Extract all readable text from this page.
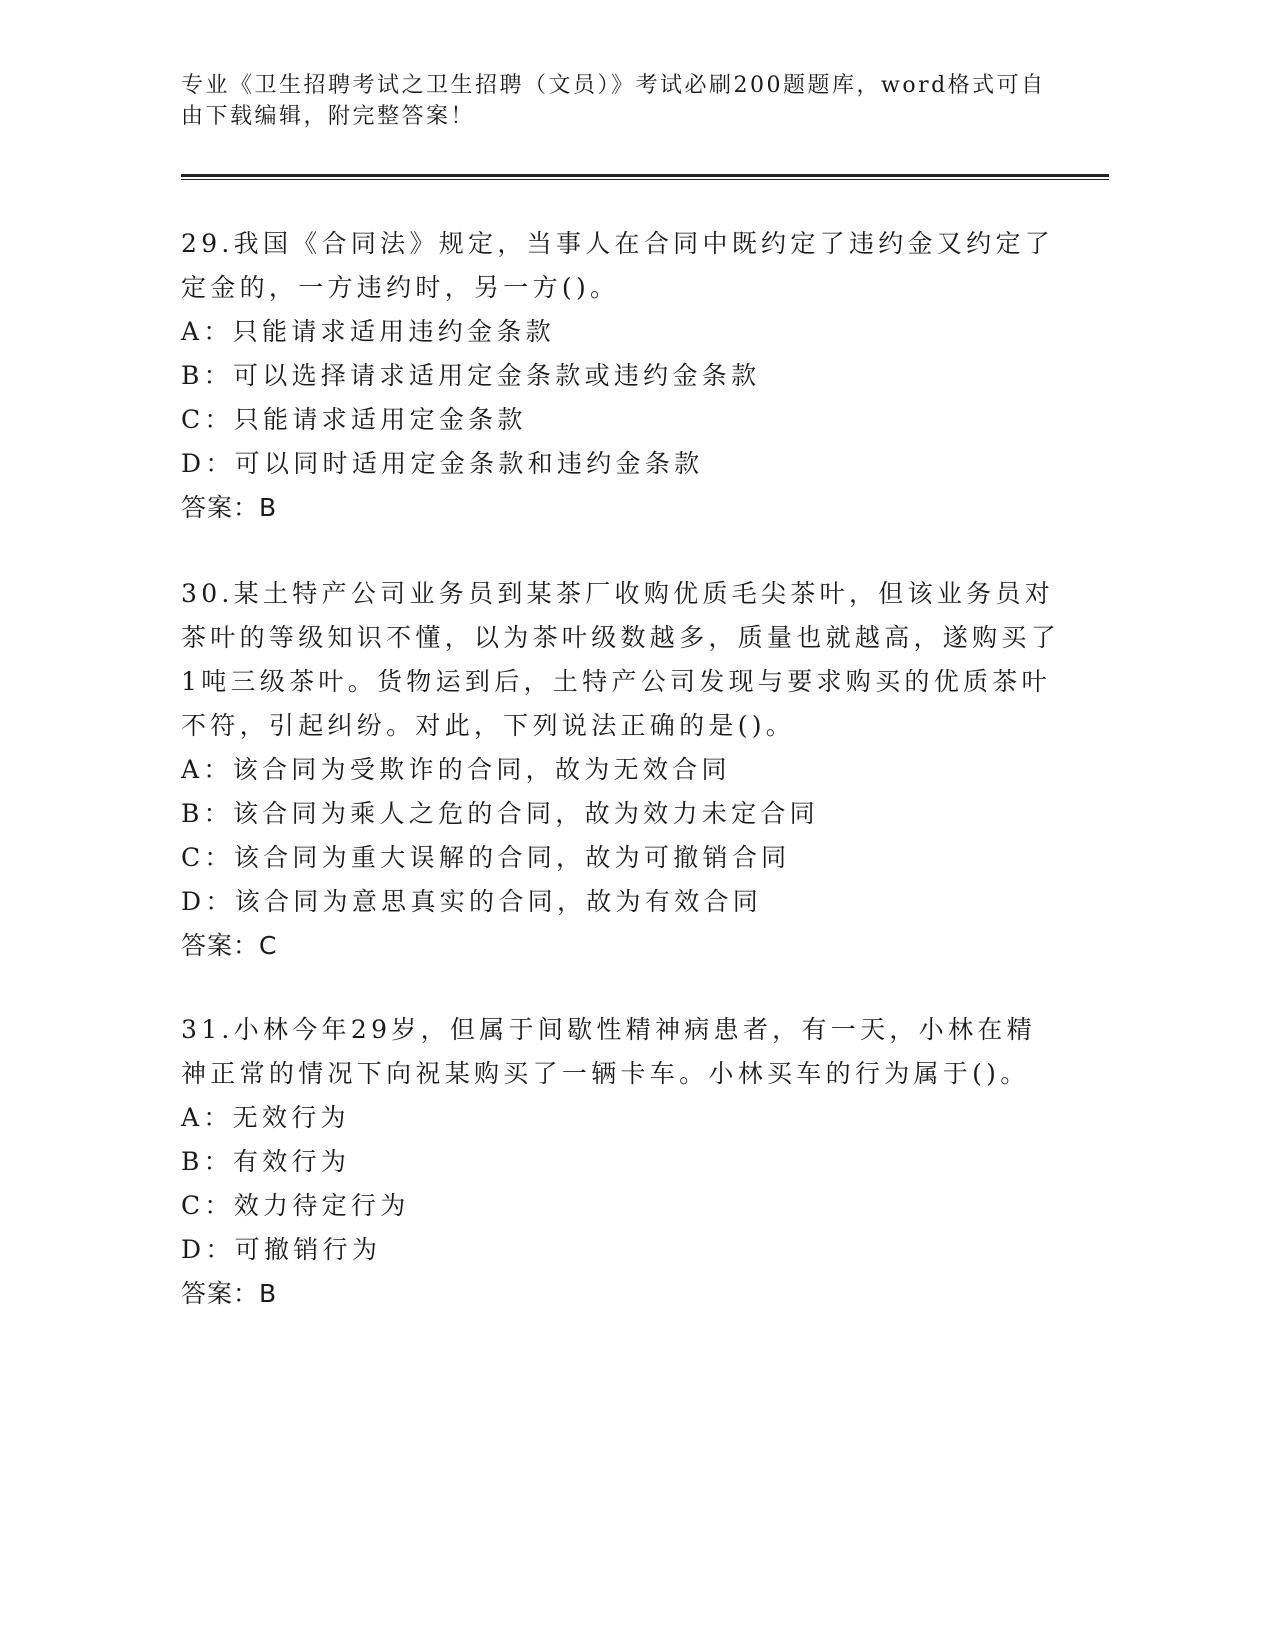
专业《卫生招聘考试之卫生招聘（文员）》考试必刷200题题库，word格式可自由下载编辑，附完整答案！

29.我国《合同法》规定，当事人在合同中既约定了违约金又约定了定金的，一方违约时，另一方()。

A：只能请求适用违约金条款

B：可以选择请求适用定金条款或违约金条款

C：只能请求适用定金条款

D：可以同时适用定金条款和违约金条款

答案：B

30.某土特产公司业务员到某茶厂收购优质毛尖茶叶，但该业务员对茶叶的等级知识不懂，以为茶叶级数越多，质量也就越高，遂购买了1吨三级茶叶。货物运到后，土特产公司发现与要求购买的优质茶叶不符，引起纠纷。对此，下列说法正确的是()。

A：该合同为受欺诈的合同，故为无效合同

B：该合同为乘人之危的合同，故为效力未定合同

C：该合同为重大误解的合同，故为可撤销合同

D：该合同为意思真实的合同，故为有效合同

答案：C

31.小林今年29岁，但属于间歇性精神病患者，有一天，小林在精神正常的情况下向祝某购买了一辆卡车。小林买车的行为属于()。

A：无效行为

B：有效行为

C：效力待定行为

D：可撤销行为

答案：B
